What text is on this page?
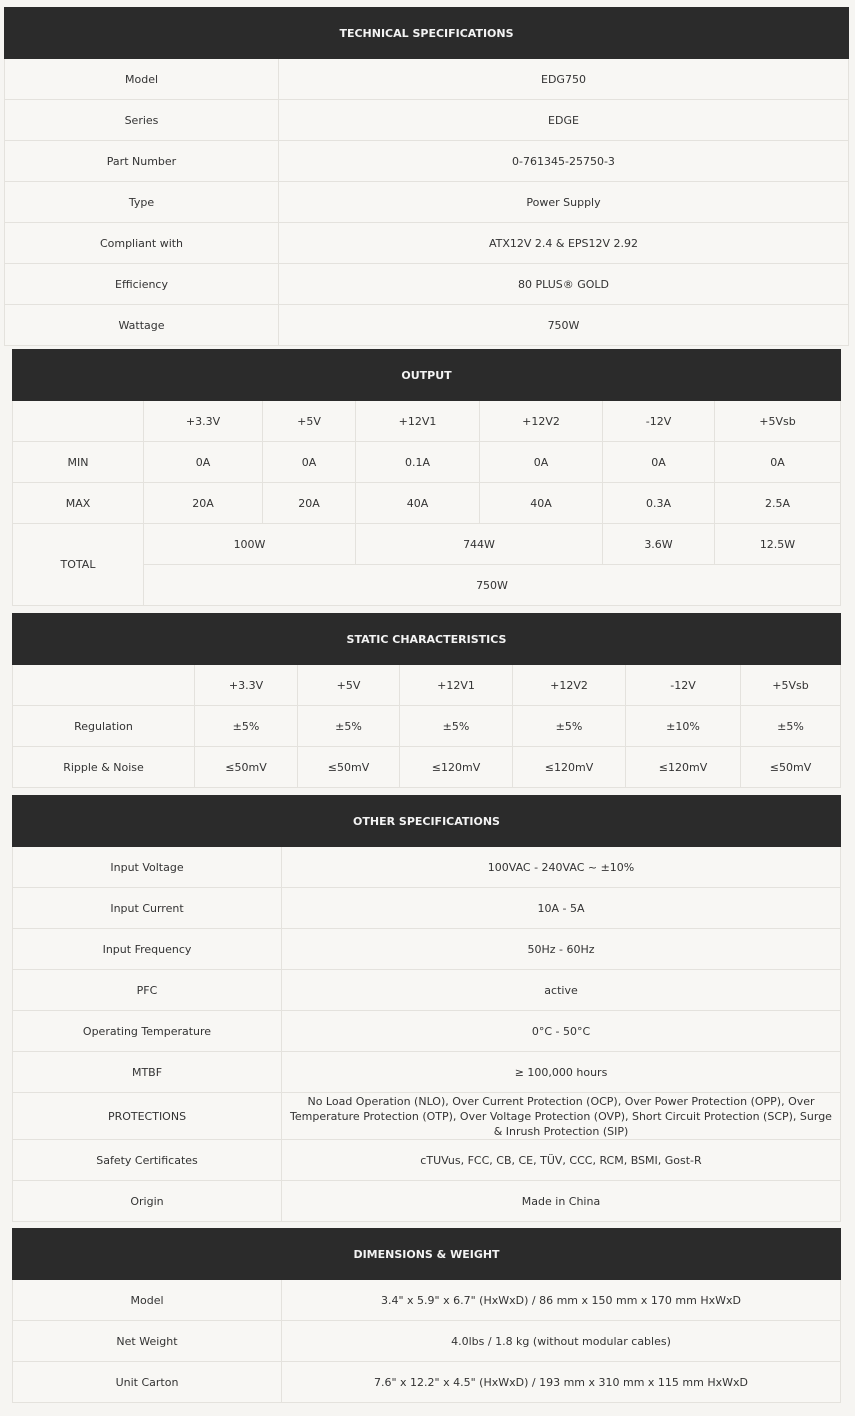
TECHNICAL SPECIFICATIONS	
Model	EDG750
Series	EDGE
Part Number	0-761345-25750-3
Type	Power Supply
Compliant with	ATX12V 2.4 & EPS12V 2.92
Efficiency	80 PLUS® GOLD
Wattage	750W
OUTPUT						
	+3.3V	+5V	+12V1	+12V2	-12V	+5Vsb
MIN	0A	0A	0.1A	0A	0A	0A
MAX	20A	20A	40A	40A	0.3A	2.5A
TOTAL	100W		744W		3.6W	12.5W
	750W					
STATIC CHARACTERISTICS						
	+3.3V	+5V	+12V1	+12V2	-12V	+5Vsb
Regulation	±5%	±5%	±5%	±5%	±10%	±5%
Ripple & Noise	≤50mV	≤50mV	≤120mV	≤120mV	≤120mV	≤50mV
OTHER SPECIFICATIONS	
Input Voltage	100VAC - 240VAC ~ ±10%
Input Current	10A - 5A
Input Frequency	50Hz - 60Hz
PFC	active
Operating Temperature	0°C - 50°C
MTBF	≥ 100,000 hours
PROTECTIONS	No Load Operation (NLO), Over Current Protection (OCP), Over Power Protection (OPP), Over Temperature Protection (OTP), Over Voltage Protection (OVP), Short Circuit Protection (SCP), Surge & Inrush Protection (SIP)
Safety Certificates	cTUVus, FCC, CB, CE, TÜV, CCC, RCM, BSMI, Gost-R
Origin	Made in China
DIMENSIONS & WEIGHT	
Model	3.4" x 5.9" x 6.7" (HxWxD) / 86 mm x 150 mm x 170 mm HxWxD
Net Weight	4.0lbs / 1.8 kg (without modular cables)
Unit Carton	7.6" x 12.2" x 4.5" (HxWxD) / 193 mm x 310 mm x 115 mm HxWxD
